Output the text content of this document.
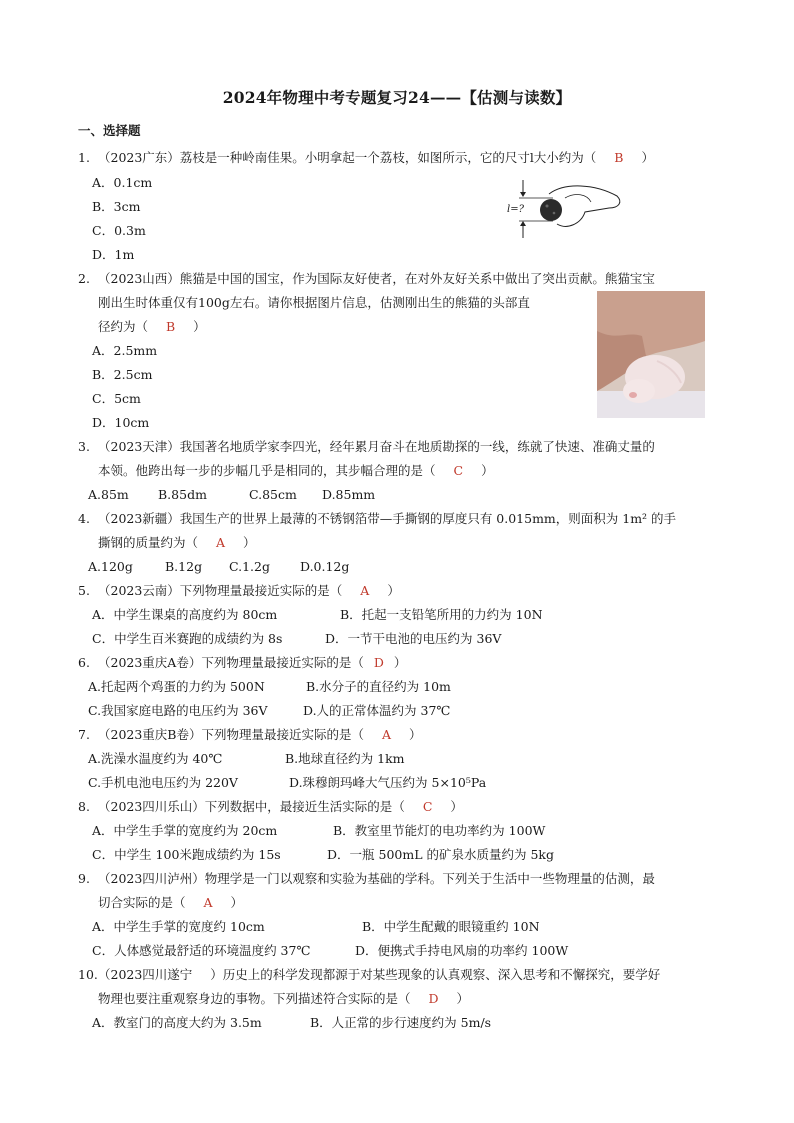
2024年物理中考专题复习24——【估测与读数】
一、选择题
1. （2023广东）荔枝是一种岭南佳果。小明拿起一个荔枝，如图所示，它的尺寸l大小约为（ B ）
A．0.1cm
B．3cm
C．0.3m
D．1m
l=?
2. （2023山西）熊猫是中国的国宝，作为国际友好使者，在对外友好关系中做出了突出贡献。熊猫宝宝
刚出生时体重仅有100g左右。请你根据图片信息，估测刚出生的熊猫的头部直
径约为（ B ）
A．2.5mm
B．2.5cm
C．5cm
D．10cm
3. （2023天津）我国著名地质学家李四光，经年累月奋斗在地质勘探的一线，练就了快速、准确丈量的
本领。他跨出每一步的步幅几乎是相同的，其步幅合理的是（ C ）
A.85m B.85dm	C.85cm D.85mm
4. （2023新疆）我国生产的世界上最薄的不锈钢箔带—手撕钢的厚度只有 0.015mm，则面积为 1m² 的手
撕钢的质量约为（ A ）
A.120g	B.12g C.1.2g D.0.12g
5. （2023云南）下列物理量最接近实际的是（ A ）
A．中学生课桌的高度约为 80cm	B．托起一支铅笔所用的力约为 10N
C．中学生百米赛跑的成绩约为 8s	D．一节干电池的电压约为 36V
6. （2023重庆A卷）下列物理量最接近实际的是（ D ）
A.托起两个鸡蛋的力约为 500N	B.水分子的直径约为 10m
C.我国家庭电路的电压约为 36V	D.人的正常体温约为 37℃
7. （2023重庆B卷）下列物理量最接近实际的是（ A ）
A.洗澡水温度约为 40℃	B.地球直径约为 1km
C.手机电池电压约为 220V	D.珠穆朗玛峰大气压约为 5×10⁵Pa
8. （2023四川乐山）下列数据中，最接近生活实际的是（ C ）
A．中学生手掌的宽度约为 20cm	B．教室里节能灯的电功率约为 100W
C．中学生 100米跑成绩约为 15s	D．一瓶 500mL 的矿泉水质量约为 5kg
9. （2023四川泸州）物理学是一门以观察和实验为基础的学科。下列关于生活中一些物理量的估测，最
切合实际的是（ A ）
A．中学生手掌的宽度约 10cm	B．中学生配戴的眼镜重约 10N
C．人体感觉最舒适的环境温度约 37℃	D．便携式手持电风扇的功率约 100W
10. （2023四川遂宁 ）历史上的科学发现都源于对某些现象的认真观察、深入思考和不懈探究，要学好
物理也要注重观察身边的事物。下列描述符合实际的是（ D ）
A．教室门的高度大约为 3.5m	B．人正常的步行速度约为 5m/s
